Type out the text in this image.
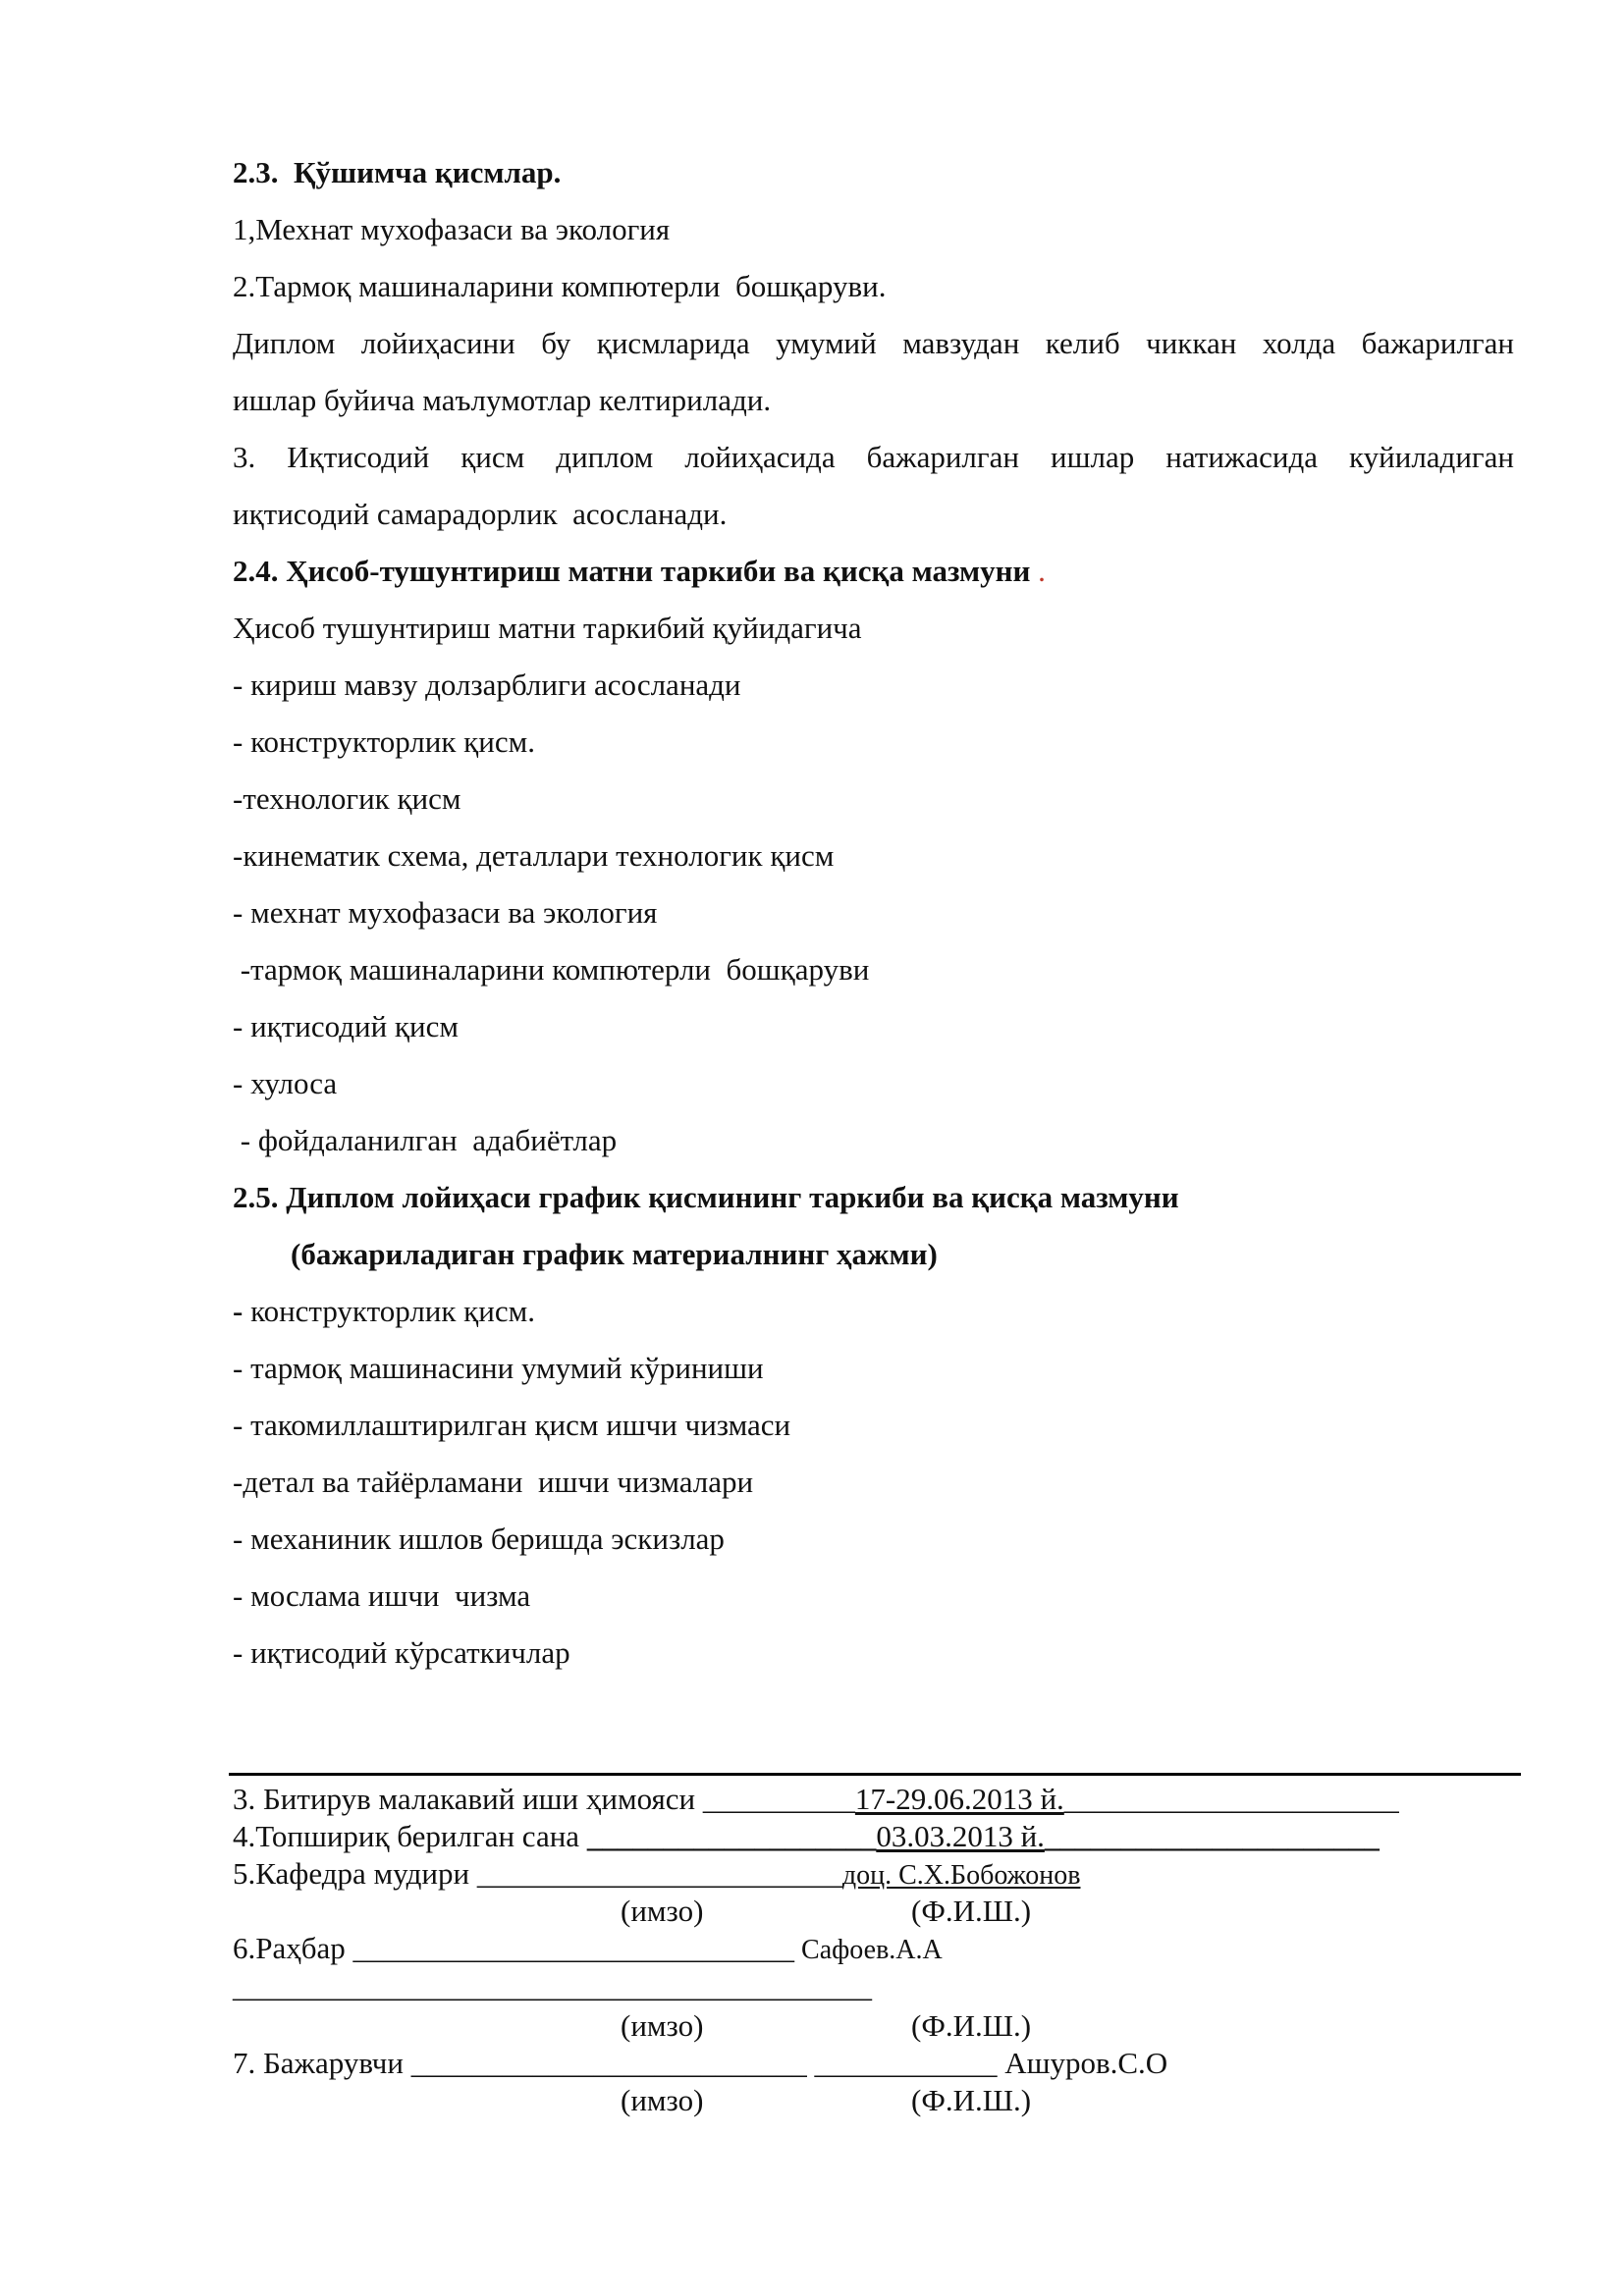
2.3.  Қўшимча қисмлар.
1,Мехнат мухофазаси ва экология
2.Тармоқ машиналарини компютерли  бошқаруви.
Диплом лойиҳасини бу қисмларида умумий мавзудан келиб чиккан холда бажарилган
ишлар буйича маълумотлар келтирилади.
3. Иқтисодий қисм диплом лойиҳасида бажарилган ишлар натижасида куйиладиган
иқтисодий самарадорлик  асосланади.
2.4. Ҳисоб-тушунтириш матни таркиби ва қисқа мазмуни .
Ҳисоб тушунтириш матни таркибий қуйидагича
- кириш мавзу долзарблиги асосланади
- конструкторлик қисм.
-технологик қисм
-кинематик схема, деталлари технологик қисм
- мехнат мухофазаси ва экология
-тармоқ машиналарини компютерли  бошқаруви
- иқтисодий қисм
- хулоса
- фойдаланилган  адабиётлар
2.5. Диплом лойиҳаси график қисмининг таркиби ва қисқа мазмуни
(бажариладиган график материалнинг ҳажми)
- конструкторлик қисм.
- тармоқ машинасини умумий кўриниши
- такомиллаштирилган қисм ишчи чизмаси
-детал ва тайёрламани  ишчи чизмалари
- механиник ишлов беришда эскизлар
- мослама ишчи  чизма
- иқтисодий кўрсаткичлар
3. Битирув малакавий иши ҳимояси __________17-29.06.2013 й.______________________
4.Топшириқ берилган сана ___________________03.03.2013 й.______________________
5.Кафедра мудири ________________________доц. С.Х.Бобожонов
(имзо)	(Ф.И.Ш.)
6.Раҳбар _____________________________ Сафоев.А.А
__________________________________________
(имзо)	(Ф.И.Ш.)
7. Бажарувчи __________________________ ____________ Ашуров.С.О
(имзо)	(Ф.И.Ш.)
